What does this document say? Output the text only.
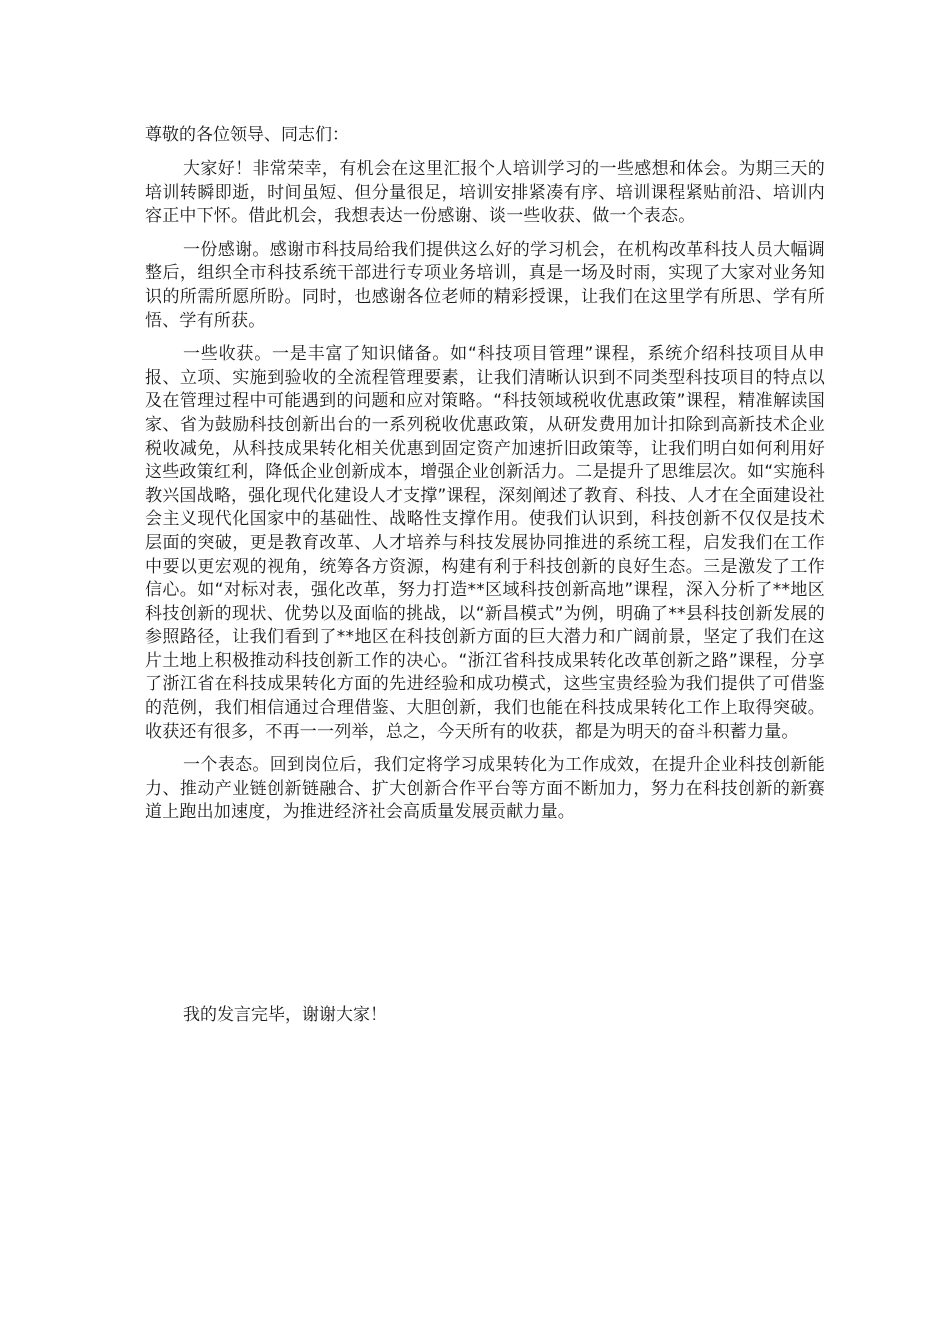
尊敬的各位领导、同志们：

大家好！非常荣幸，有机会在这里汇报个人培训学习的一些感想和体会。为期三天的培训转瞬即逝，时间虽短、但分量很足，培训安排紧凑有序、培训课程紧贴前沿、培训内容正中下怀。借此机会，我想表达一份感谢、谈一些收获、做一个表态。

一份感谢。感谢市科技局给我们提供这么好的学习机会，在机构改革科技人员大幅调整后，组织全市科技系统干部进行专项业务培训，真是一场及时雨，实现了大家对业务知识的所需所愿所盼。同时，也感谢各位老师的精彩授课，让我们在这里学有所思、学有所悟、学有所获。

一些收获。一是丰富了知识储备。如“科技项目管理”课程，系统介绍科技项目从申报、立项、实施到验收的全流程管理要素，让我们清晰认识到不同类型科技项目的特点以及在管理过程中可能遇到的问题和应对策略。“科技领域税收优惠政策”课程，精准解读国家、省为鼓励科技创新出台的一系列税收优惠政策，从研发费用加计扣除到高新技术企业税收减免，从科技成果转化相关优惠到固定资产加速折旧政策等，让我们明白如何利用好这些政策红利，降低企业创新成本，增强企业创新活力。二是提升了思维层次。如“实施科教兴国战略，强化现代化建设人才支撑”课程，深刻阐述了教育、科技、人才在全面建设社会主义现代化国家中的基础性、战略性支撑作用。使我们认识到，科技创新不仅仅是技术层面的突破，更是教育改革、人才培养与科技发展协同推进的系统工程，启发我们在工作中要以更宏观的视角，统筹各方资源，构建有利于科技创新的良好生态。三是激发了工作信心。如“对标对表，强化改革，努力打造**区域科技创新高地”课程，深入分析了**地区科技创新的现状、优势以及面临的挑战，以“新昌模式”为例，明确了**县科技创新发展的参照路径，让我们看到了**地区在科技创新方面的巨大潜力和广阔前景，坚定了我们在这片土地上积极推动科技创新工作的决心。“浙江省科技成果转化改革创新之路”课程，分享了浙江省在科技成果转化方面的先进经验和成功模式，这些宝贵经验为我们提供了可借鉴的范例，我们相信通过合理借鉴、大胆创新，我们也能在科技成果转化工作上取得突破。收获还有很多，不再一一列举，总之，今天所有的收获，都是为明天的奋斗积蓄力量。

一个表态。回到岗位后，我们定将学习成果转化为工作成效，在提升企业科技创新能力、推动产业链创新链融合、扩大创新合作平台等方面不断加力，努力在科技创新的新赛道上跑出加速度，为推进经济社会高质量发展贡献力量。

我的发言完毕，谢谢大家！
